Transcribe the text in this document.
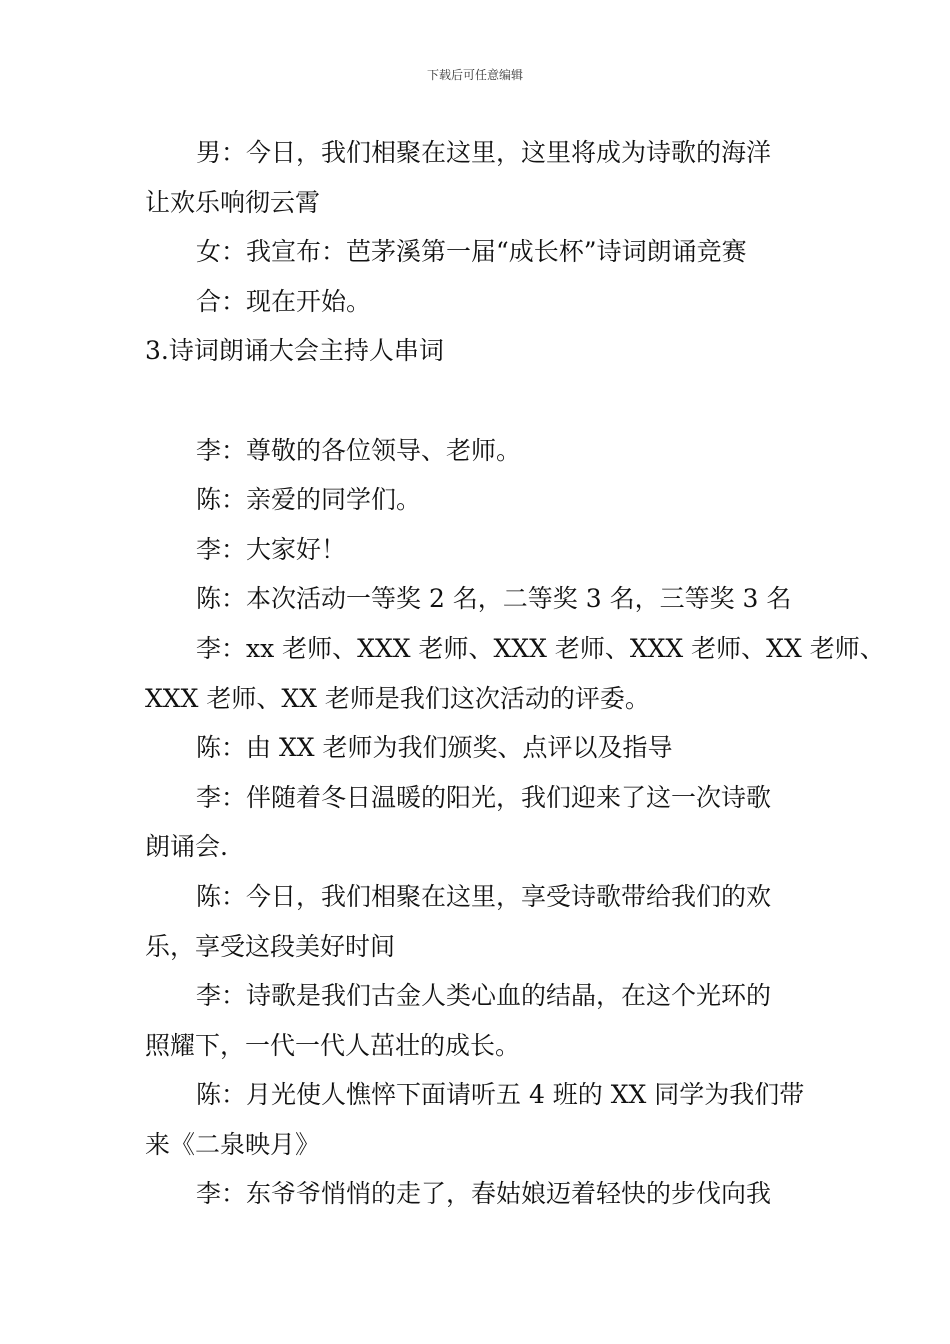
下载后可任意编辑

男：今日，我们相聚在这里，这里将成为诗歌的海洋

让欢乐响彻云霄

女：我宣布：芭茅溪第一届“成长杯”诗词朗诵竞赛

合：现在开始。

3.诗词朗诵大会主持人串词

李：尊敬的各位领导、老师。

陈：亲爱的同学们。

李：大家好！

陈：本次活动一等奖 2 名，二等奖 3 名，三等奖 3 名

李：xx 老师、XXX 老师、XXX 老师、XXX 老师、XX 老师、

XXX 老师、XX 老师是我们这次活动的评委。

陈：由 XX 老师为我们颁奖、点评以及指导

李：伴随着冬日温暖的阳光，我们迎来了这一次诗歌

朗诵会.

陈：今日，我们相聚在这里，享受诗歌带给我们的欢

乐，享受这段美好时间

李：诗歌是我们古金人类心血的结晶，在这个光环的

照耀下，一代一代人茁壮的成长。

陈：月光使人憔悴下面请听五 4 班的 XX 同学为我们带

来《二泉映月》

李：东爷爷悄悄的走了，春姑娘迈着轻快的步伐向我
